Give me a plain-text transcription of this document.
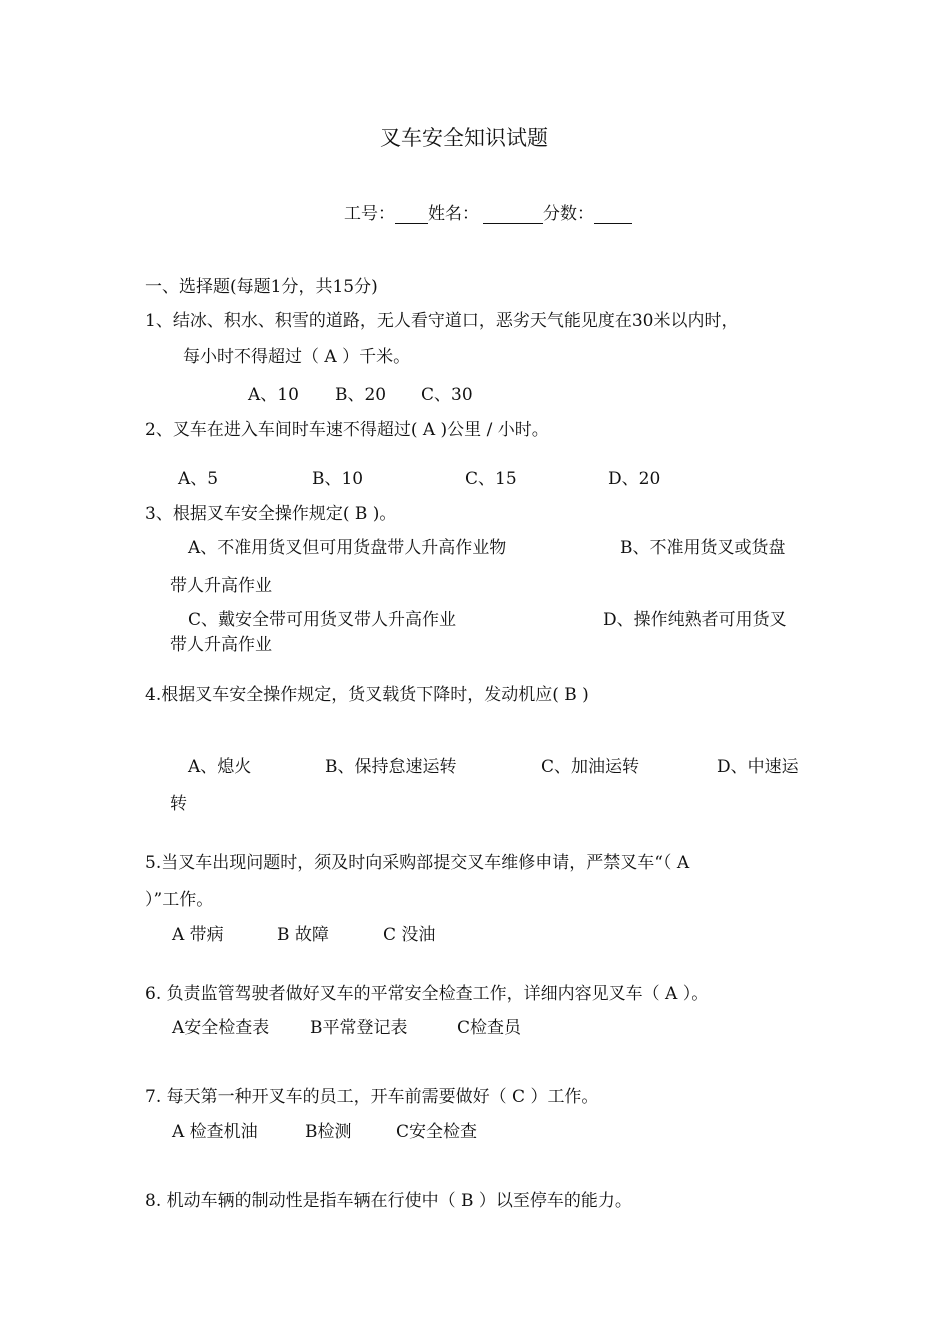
叉车安全知识试题
工号： 姓名：	分数：
一、选择题(每题1分，共15分)
1、结冰、积水、积雪的道路，无人看守道口，恶劣天气能见度在30米以内时，
每小时不得超过（ A ）千米。
A、10 B、20 C、30
2、叉车在进入车间时车速不得超过( A )公里 / 小时。
A、5	B、10	C、15	D、20
3、根据叉车安全操作规定( B )。
A、不准用货叉但可用货盘带人升高作业物	B、不准用货叉或货盘
带人升高作业
C、戴安全带可用货叉带人升高作业	D、操作纯熟者可用货叉
带人升高作业
4.根据叉车安全操作规定，货叉载货下降时，发动机应( B )
A、熄火	B、保持怠速运转	C、加油运转	D、中速运
转
5.当叉车出现问题时，须及时向采购部提交叉车维修申请，严禁叉车“（ A
）”工作。
A 带病	B 故障	C 没油
6. 负责监管驾驶者做好叉车的平常安全检查工作，详细内容见叉车（ A ）。
A安全检查表 B平常登记表	C检查员
7. 每天第一种开叉车的员工，开车前需要做好（ C ）工作。
A 检查机油	B检测	C安全检查
8. 机动车辆的制动性是指车辆在行使中（ B ）以至停车的能力。
